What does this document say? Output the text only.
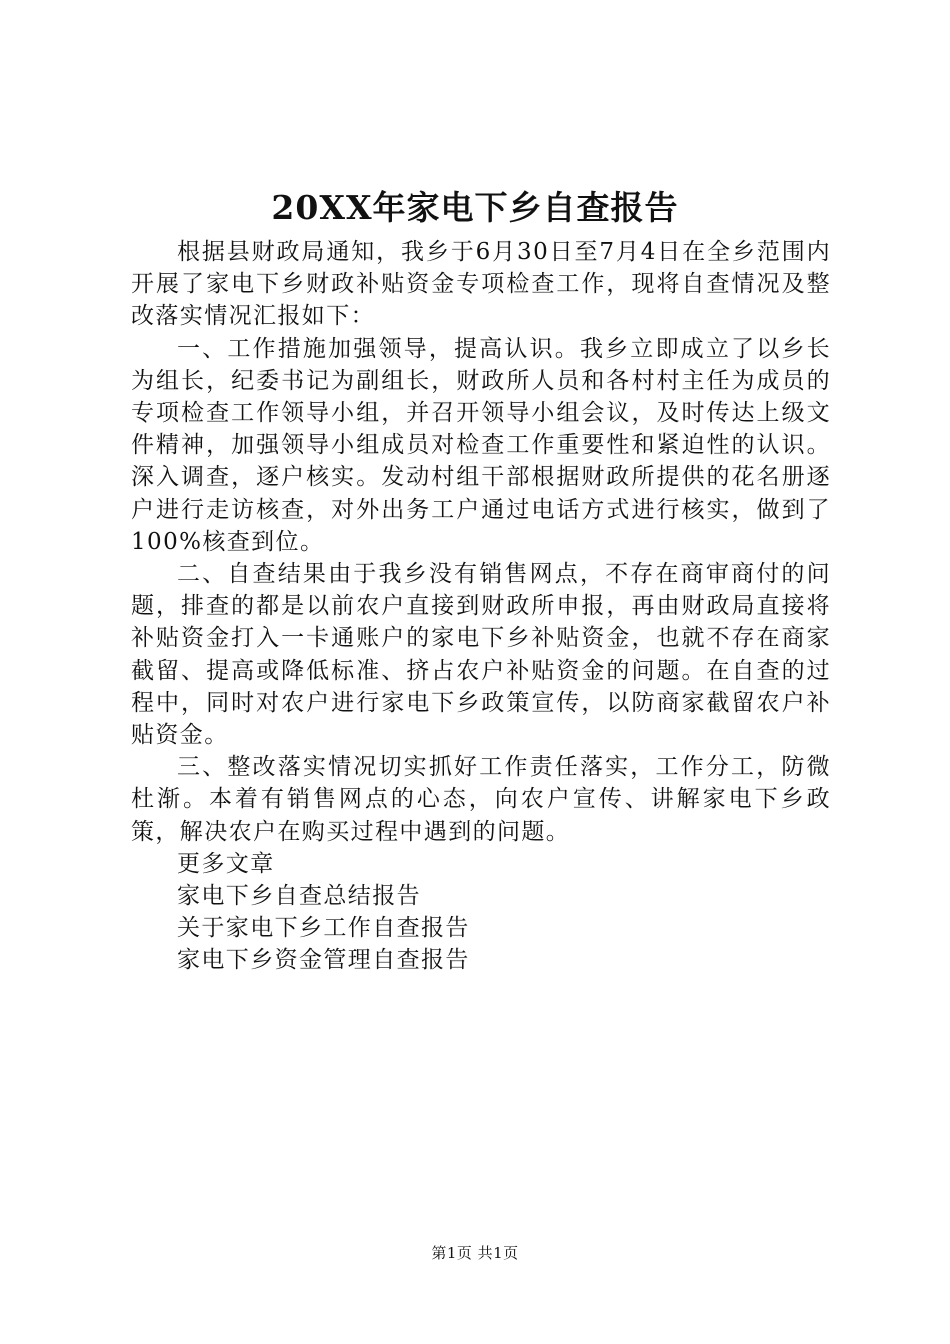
20XX年家电下乡自查报告

根据县财政局通知，我乡于6月30日至7月4日在全乡范围内开展了家电下乡财政补贴资金专项检查工作，现将自查情况及整改落实情况汇报如下：

一、工作措施加强领导，提高认识。我乡立即成立了以乡长为组长，纪委书记为副组长，财政所人员和各村村主任为成员的专项检查工作领导小组，并召开领导小组会议，及时传达上级文件精神，加强领导小组成员对检查工作重要性和紧迫性的认识。深入调查，逐户核实。发动村组干部根据财政所提供的花名册逐户进行走访核查，对外出务工户通过电话方式进行核实，做到了100%核查到位。

二、自查结果由于我乡没有销售网点，不存在商审商付的问题，排查的都是以前农户直接到财政所申报，再由财政局直接将补贴资金打入一卡通账户的家电下乡补贴资金，也就不存在商家截留、提高或降低标准、挤占农户补贴资金的问题。在自查的过程中，同时对农户进行家电下乡政策宣传，以防商家截留农户补贴资金。

三、整改落实情况切实抓好工作责任落实，工作分工，防微杜渐。本着有销售网点的心态，向农户宣传、讲解家电下乡政策，解决农户在购买过程中遇到的问题。

更多文章

家电下乡自查总结报告
关于家电下乡工作自查报告
家电下乡资金管理自查报告
第1页 共1页
